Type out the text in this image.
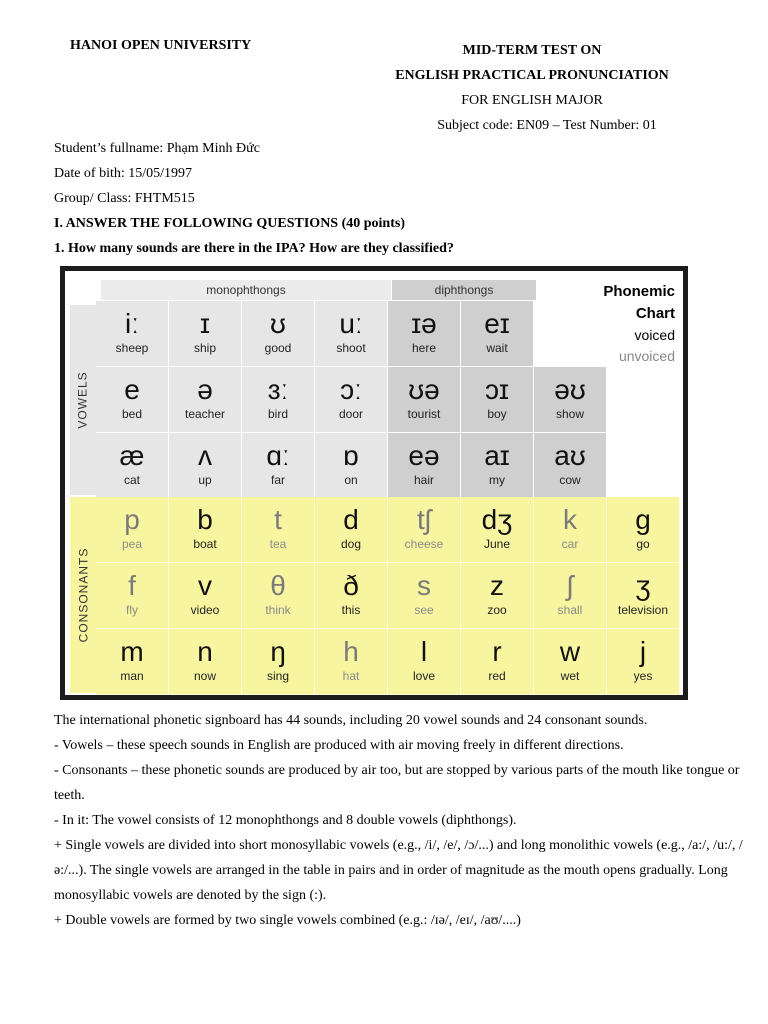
HANOI OPEN UNIVERSITY	MID-TERM TEST ON
ENGLISH PRACTICAL PRONUNCIATION
FOR ENGLISH MAJOR
Subject code: EN09 – Test Number: 01
Student’s fullname: Phạm Minh Đức
Date of bith: 15/05/1997
Group/ Class: FHTM515
I. ANSWER THE FOLLOWING QUESTIONS (40 points)
1. How many sounds are there in the IPA? How are they classified?
monophthongs	diphthongs
VOWELS
CONSONANTS
Phonemic
Chart
voiced
unvoiced
iː
sheep
ɪ
ship
ʊ
good
uː
shoot
ɪə
here
eɪ
wait
e
bed
ə
teacher
ɜː
bird
ɔː
door
ʊə
tourist
ɔɪ
boy
əʊ
show
æ
cat
ʌ
up
ɑː
far
ɒ
on
eə
hair
aɪ
my
aʊ
cow
p
pea
b
boat
t
tea
d
dog
tʃ
cheese
dʒ
June
k
car
g
go
f
fly
v
video
θ
think
ð
this
s
see
z
zoo
ʃ
shall
ʒ
television
m
man
n
now
ŋ
sing
h
hat
l
love
r
red
w
wet
j
yes

The international phonetic signboard has 44 sounds, including 20 vowel sounds and 24 consonant sounds.

- Vowels – these speech sounds in English are produced with air moving freely in different directions.

- Consonants – these phonetic sounds are produced by air too, but are stopped by various parts of the mouth like tongue or teeth.

- In it: The vowel consists of 12 monophthongs and 8 double vowels (diphthongs).

+ Single vowels are divided into short monosyllabic vowels (e.g., /i/, /e/, /ɔ/...) and long monolithic vowels (e.g., /a:/, /u:/, /ə:/...). The single vowels are arranged in the table in pairs and in order of magnitude as the mouth opens gradually. Long monosyllabic vowels are denoted by the sign (:).

+ Double vowels are formed by two single vowels combined (e.g.: /ɪə/, /eɪ/, /aʊ/....)
